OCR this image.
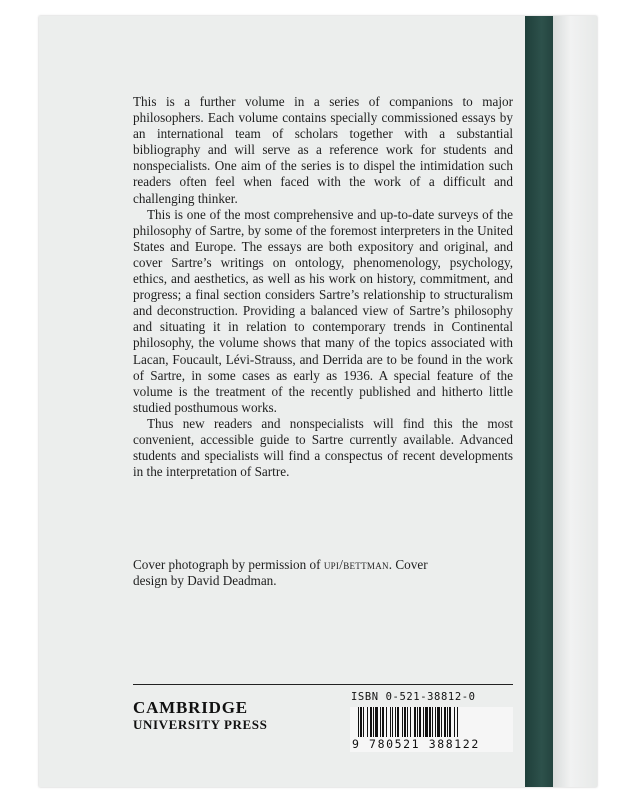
This is a further volume in a series of companions to major philosophers. Each volume contains specially commissioned essays by an international team of scholars together with a substantial bibliography and will serve as a reference work for students and nonspecialists. One aim of the series is to dispel the intimidation such readers often feel when faced with the work of a difficult and challenging thinker.

This is one of the most comprehensive and up-to-date surveys of the philosophy of Sartre, by some of the foremost interpreters in the United States and Europe. The essays are both expository and original, and cover Sartre’s writings on ontology, phenomenology, psychology, ethics, and aesthetics, as well as his work on history, commitment, and progress; a final section considers Sartre’s relationship to structuralism and deconstruction. Providing a balanced view of Sartre’s philosophy and situating it in relation to contemporary trends in Continental philosophy, the volume shows that many of the topics associated with Lacan, Foucault, Lévi-Strauss, and Derrida are to be found in the work of Sartre, in some cases as early as 1936. A special feature of the volume is the treatment of the recently published and hitherto little studied posthumous works.

Thus new readers and nonspecialists will find this the most convenient, accessible guide to Sartre currently available. Advanced students and specialists will find a conspectus of recent developments in the interpretation of Sartre.

Cover photograph by permission of upi/bettman. Cover design by David Deadman.
CAMBRIDGE
UNIVERSITY PRESS
ISBN 0-521-38812-0
9 780521 388122
